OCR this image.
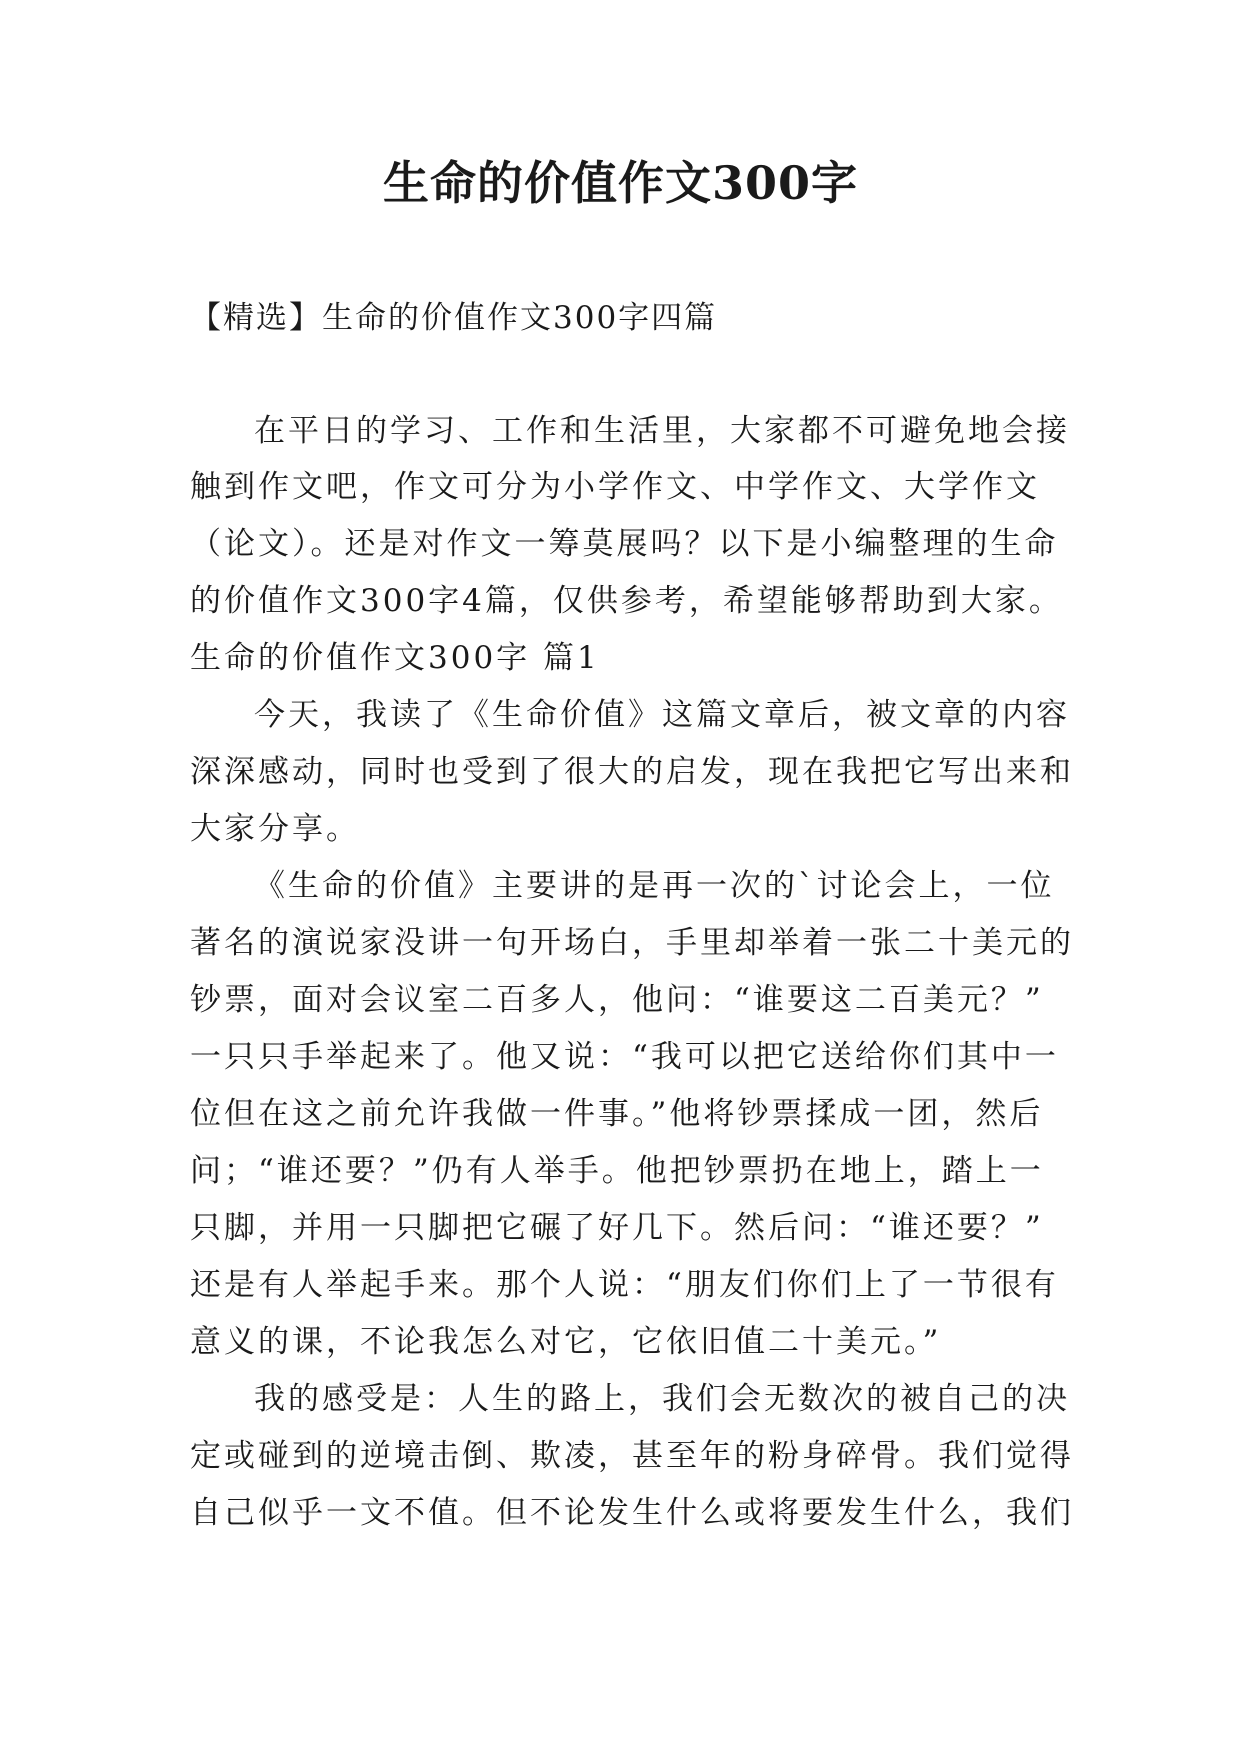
生命的价值作文300字
【精选】生命的价值作文300字四篇
在平日的学习、工作和生活里，大家都不可避免地会接
触到作文吧，作文可分为小学作文、中学作文、大学作文
（论文）。还是对作文一筹莫展吗？以下是小编整理的生命
的价值作文300字4篇，仅供参考，希望能够帮助到大家。
生命的价值作文300字 篇1
今天，我读了《生命价值》这篇文章后，被文章的内容
深深感动，同时也受到了很大的启发，现在我把它写出来和
大家分享。
《生命的价值》主要讲的是再一次的`讨论会上，一位
著名的演说家没讲一句开场白，手里却举着一张二十美元的
钞票，面对会议室二百多人，他问：“谁要这二百美元？”
一只只手举起来了。他又说：“我可以把它送给你们其中一
位但在这之前允许我做一件事。”他将钞票揉成一团，然后
问；“谁还要？”仍有人举手。他把钞票扔在地上，踏上一
只脚，并用一只脚把它碾了好几下。然后问：“谁还要？”
还是有人举起手来。那个人说：“朋友们你们上了一节很有
意义的课，不论我怎么对它，它依旧值二十美元。”
我的感受是：人生的路上，我们会无数次的被自己的决
定或碰到的逆境击倒、欺凌，甚至年的粉身碎骨。我们觉得
自己似乎一文不值。但不论发生什么或将要发生什么，我们
